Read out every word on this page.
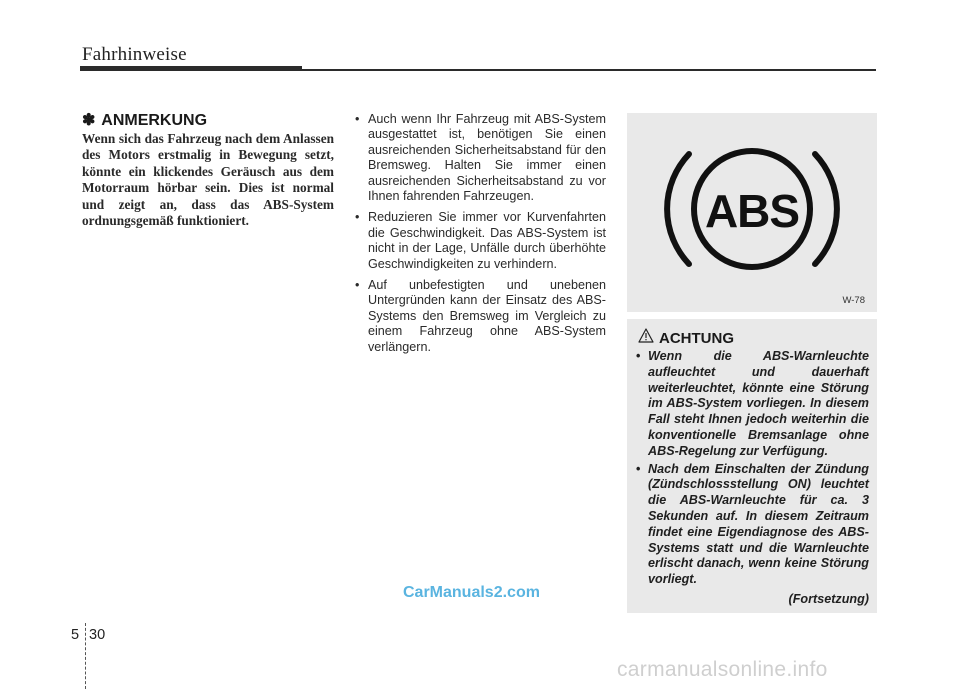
Fahrhinweise
✽ ANMERKUNG
Wenn sich das Fahrzeug nach dem Anlassen des Motors erstmalig in Bewegung setzt, könnte ein klickendes Geräusch aus dem Motorraum hörbar sein. Dies ist normal und zeigt an, dass das ABS-System ordnungsgemäß funktioniert.
• Auch wenn Ihr Fahrzeug mit ABS-System ausgestattet ist, benötigen Sie einen ausreichenden Sicherheitsabstand für den Bremsweg. Halten Sie immer einen ausreichenden Sicherheitsabstand zu vor Ihnen fahrenden Fahrzeugen.
• Reduzieren Sie immer vor Kurvenfahrten die Geschwindigkeit. Das ABS-System ist nicht in der Lage, Unfälle durch überhöhte Geschwindigkeiten zu verhindern.
• Auf unbefestigten und unebenen Untergründen kann der Einsatz des ABS-Systems den Bremsweg im Vergleich zu einem Fahrzeug ohne ABS-System verlängern.
ABS
W-78
ACHTUNG
• Wenn die ABS-Warnleuchte aufleuchtet und dauerhaft weiterleuchtet, könnte eine Störung im ABS-System vorliegen. In diesem Fall steht Ihnen jedoch weiterhin die konventionelle Bremsanlage ohne ABS-Regelung zur Verfügung.
• Nach dem Einschalten der Zündung (Zündschlossstellung ON) leuchtet die ABS-Warnleuchte für ca. 3 Sekunden auf. In diesem Zeitraum findet eine Eigendiagnose des ABS-Systems statt und die Warnleuchte erlischt danach, wenn keine Störung vorliegt.
(Fortsetzung)
CarManuals2.com
carmanualsonline.info
5 30
